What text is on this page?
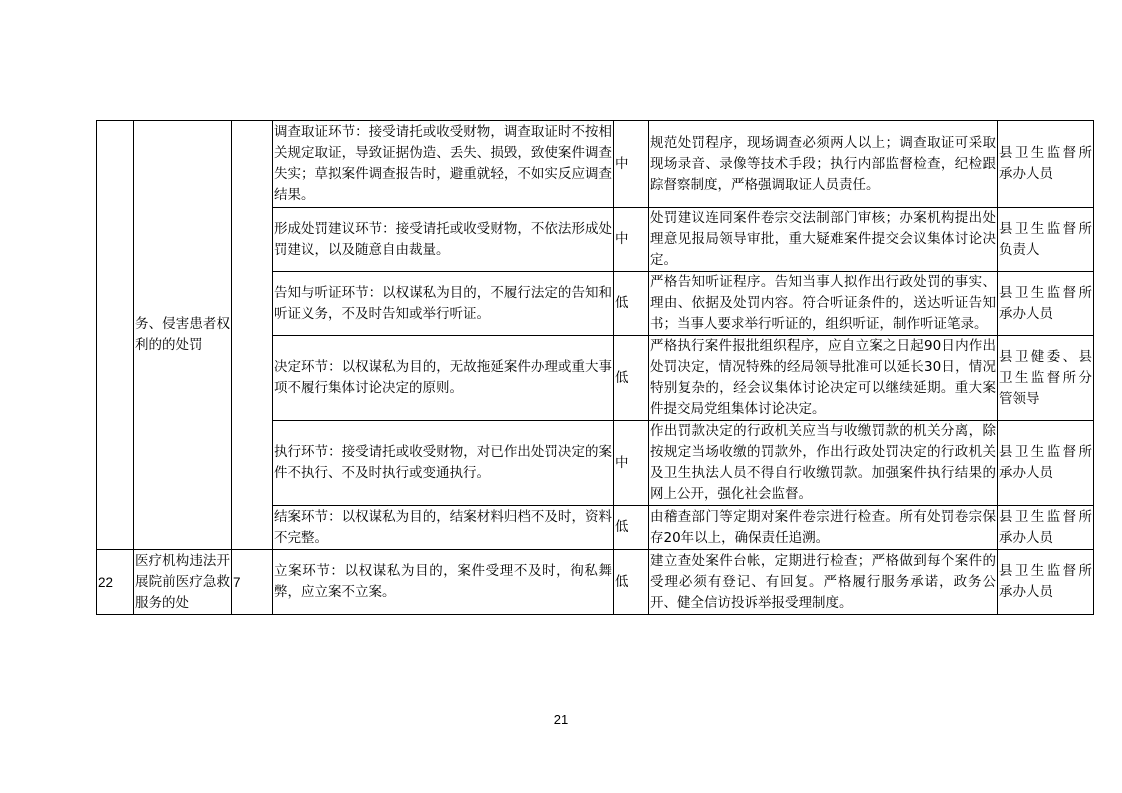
	务、侵害患者权利的的处罚		调查取证环节：接受请托或收受财物，调查取证时不按相关规定取证，导致证据伪造、丢失、损毁，致使案件调查失实；草拟案件调查报告时，避重就轻，不如实反应调查结果。	中	规范处罚程序，现场调查必须两人以上；调查取证可采取现场录音、录像等技术手段；执行内部监督检查，纪检跟踪督察制度，严格强调取证人员责任。	县卫生监督所承办人员
			形成处罚建议环节：接受请托或收受财物，不依法形成处罚建议，以及随意自由裁量。	中	处罚建议连同案件卷宗交法制部门审核；办案机构提出处理意见报局领导审批，重大疑难案件提交会议集体讨论决定。	县卫生监督所负责人
			告知与听证环节：以权谋私为目的，不履行法定的告知和听证义务，不及时告知或举行听证。	低	严格告知听证程序。告知当事人拟作出行政处罚的事实、理由、依据及处罚内容。符合听证条件的，送达听证告知书；当事人要求举行听证的，组织听证，制作听证笔录。	县卫生监督所承办人员
			决定环节：以权谋私为目的，无故拖延案件办理或重大事项不履行集体讨论决定的原则。	低	严格执行案件报批组织程序，应自立案之日起90日内作出处罚决定，情况特殊的经局领导批准可以延长30日，情况特别复杂的，经会议集体讨论决定可以继续延期。重大案件提交局党组集体讨论决定。	县卫健委、县卫生监督所分管领导
			执行环节：接受请托或收受财物，对已作出处罚决定的案件不执行、不及时执行或变通执行。	中	作出罚款决定的行政机关应当与收缴罚款的机关分离，除按规定当场收缴的罚款外，作出行政处罚决定的行政机关及卫生执法人员不得自行收缴罚款。加强案件执行结果的网上公开，强化社会监督。	县卫生监督所承办人员
			结案环节：以权谋私为目的，结案材料归档不及时，资料不完整。	低	由稽查部门等定期对案件卷宗进行检查。所有处罚卷宗保存20年以上，确保责任追溯。	县卫生监督所承办人员
22	医疗机构违法开展院前医疗急救服务的处	7	立案环节：以权谋私为目的，案件受理不及时，徇私舞弊，应立案不立案。	低	建立查处案件台帐，定期进行检查；严格做到每个案件的受理必须有登记、有回复。严格履行服务承诺，政务公开、健全信访投诉举报受理制度。	县卫生监督所承办人员
21
